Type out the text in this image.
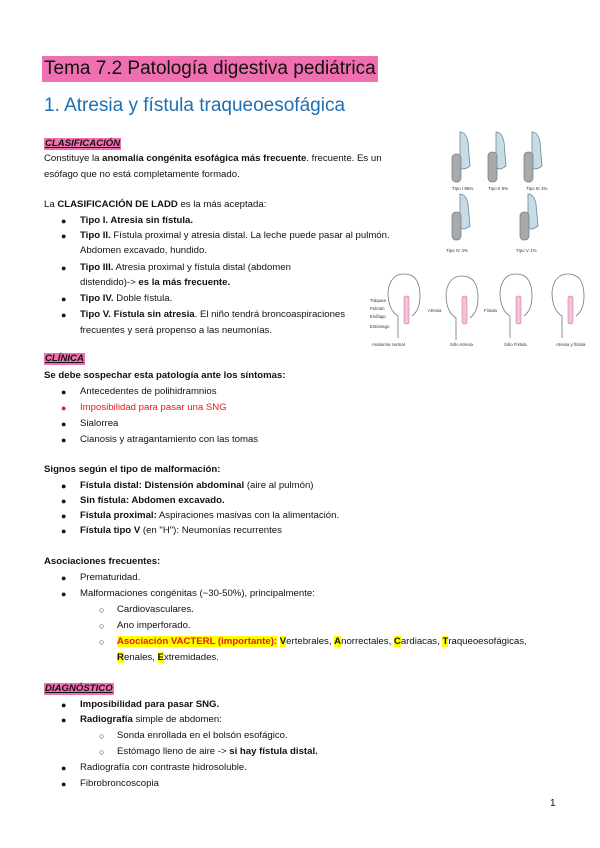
Tema 7.2 Patología digestiva pediátrica
1. Atresia y fístula traqueoesofágica
CLASIFICACIÓN
Constituye la anomalía congénita esofágica más frecuente. frecuente. Es un
esófago que no está completamente formado.
La CLASIFICACIÓN DE LADD es la más aceptada:
● Tipo I. Atresia sin fístula.
● Tipo II. Fístula proximal y atresia distal. La leche puede pasar al pulmón.
Abdomen excavado, hundido.
● Tipo III. Atresia proximal y fístula distal (abdomen
distendido)-> es la más frecuente.
● Tipo IV. Doble fístula.
● Tipo V. Fístula sin atresia. El niño tendrá broncoaspiraciones
frecuentes y será propenso a las neumonías.
Tipo I 85%	Tipo II 8%	Tipo III 1%
Tipo IV 4%	Tipo V 1%
Tráquea
Pulmón
Esófago
Estómago
Atresia	Fístula
Anatomía normal	Sólo Atresia	Sólo Fístula	Atresia y fístula
CLÍNICA
Se debe sospechar esta patología ante los síntomas:
● Antecedentes de polihidramnios
● Imposibilidad para pasar una SNG
● Sialorrea
● Cianosis y atragantamiento con las tomas
Signos según el tipo de malformación:
● Fístula distal: Distensión abdominal (aire al pulmón)
● Sin fístula: Abdomen excavado.
● Fístula proximal: Aspiraciones masivas con la alimentación.
● Fístula tipo V (en "H"): Neumonías recurrentes
Asociaciones frecuentes:
● Prematuridad.
● Malformaciones congénitas (~30-50%), principalmente:
○ Cardiovasculares.
○ Ano imperforado.
○ Asociación VACTERL (importante): Vertebrales, Anorrectales, Cardiacas, Traqueoesofágicas,
Renales, Extremidades.
DIAGNÓSTICO
● Imposibilidad para pasar SNG.
● Radiografía simple de abdomen:
○ Sonda enrollada en el bolsón esofágico.
○ Estómago lleno de aire -> si hay fístula distal.
● Radiografía con contraste hidrosoluble.
● Fibrobroncoscopia
1
